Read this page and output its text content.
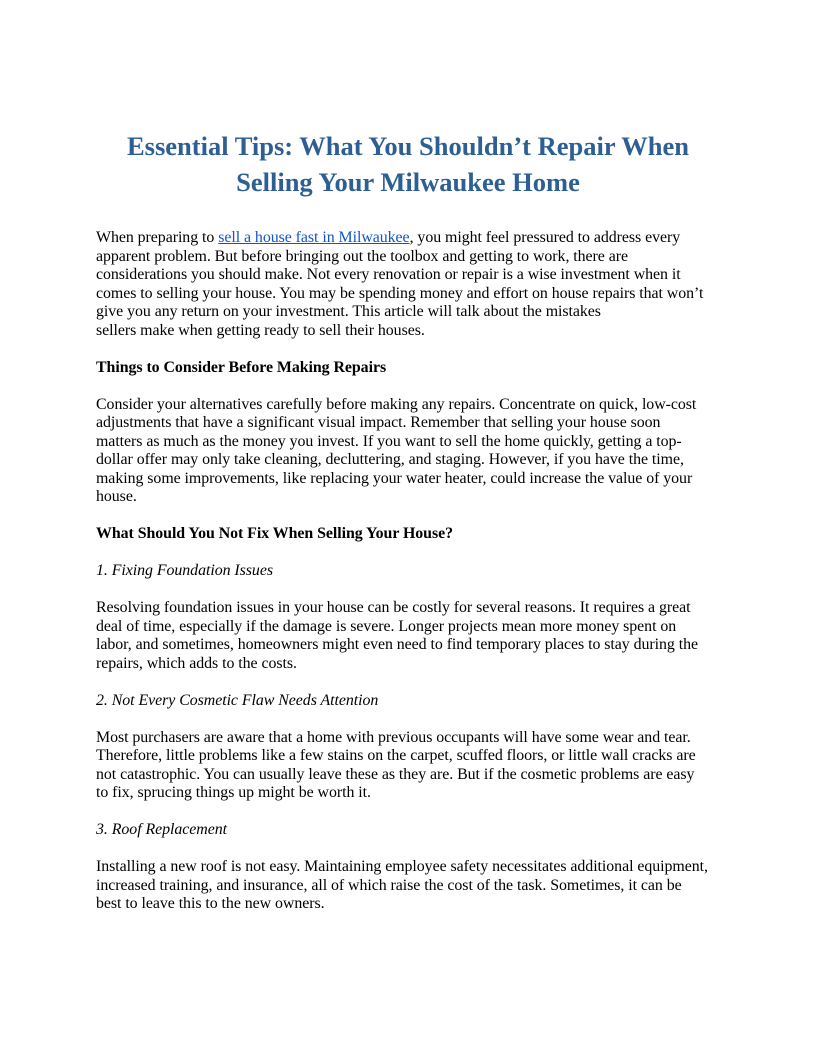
Essential Tips: What You Shouldn’t Repair When
Selling Your Milwaukee Home

When preparing to sell a house fast in Milwaukee, you might feel pressured to address every
apparent problem. But before bringing out the toolbox and getting to work, there are
considerations you should make. Not every renovation or repair is a wise investment when it
comes to selling your house. You may be spending money and effort on house repairs that won’t
give you any return on your investment. This article will talk about the mistakes
sellers make when getting ready to sell their houses.

Things to Consider Before Making Repairs

Consider your alternatives carefully before making any repairs. Concentrate on quick, low-cost
adjustments that have a significant visual impact. Remember that selling your house soon
matters as much as the money you invest. If you want to sell the home quickly, getting a top-
dollar offer may only take cleaning, decluttering, and staging. However, if you have the time,
making some improvements, like replacing your water heater, could increase the value of your
house.

What Should You Not Fix When Selling Your House?

1. Fixing Foundation Issues

Resolving foundation issues in your house can be costly for several reasons. It requires a great
deal of time, especially if the damage is severe. Longer projects mean more money spent on
labor, and sometimes, homeowners might even need to find temporary places to stay during the
repairs, which adds to the costs.

2. Not Every Cosmetic Flaw Needs Attention

Most purchasers are aware that a home with previous occupants will have some wear and tear.
Therefore, little problems like a few stains on the carpet, scuffed floors, or little wall cracks are
not catastrophic. You can usually leave these as they are. But if the cosmetic problems are easy
to fix, sprucing things up might be worth it.

3. Roof Replacement

Installing a new roof is not easy. Maintaining employee safety necessitates additional equipment,
increased training, and insurance, all of which raise the cost of the task. Sometimes, it can be
best to leave this to the new owners.
